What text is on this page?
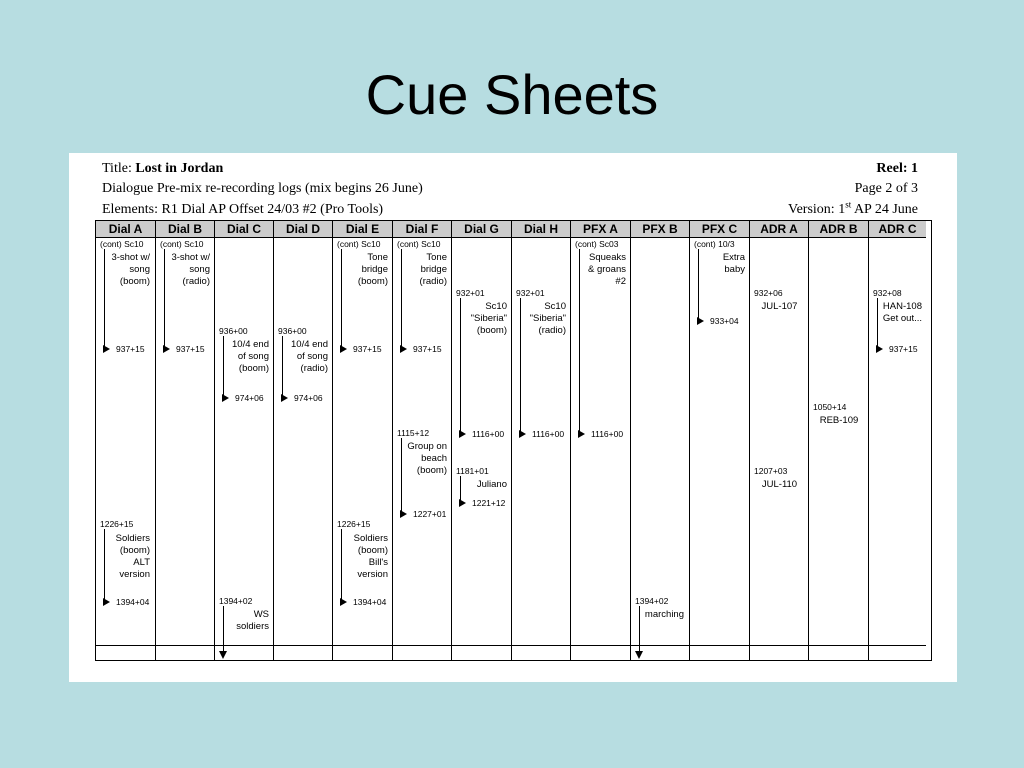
Cue Sheets
Title: Lost in Jordan
Dialogue Pre-mix re-recording logs (mix begins 26 June)
Elements: R1 Dial AP Offset 24/03 #2 (Pro Tools)
Reel: 1
Page 2 of 3
Version: 1st AP 24 June
Dial A
(cont) Sc10
3-shot w/
song
(boom)
937+15
1226+15
Soldiers
(boom)
ALT
version
1394+04
Dial B
(cont) Sc10
3-shot w/
song
(radio)
937+15
Dial C
936+00
10/4 end
of song
(boom)
974+06
1394+02
WS
soldiers
Dial D
936+00
10/4 end
of song
(radio)
974+06
Dial E
(cont) Sc10
Tone
bridge
(boom)
937+15
1226+15
Soldiers
(boom)
Bill's
version
1394+04
Dial F
(cont) Sc10
Tone
bridge
(radio)
937+15
1115+12
Group on
beach
(boom)
1227+01
Dial G
932+01
Sc10
"Siberia"
(boom)
1116+00
1181+01
Juliano
1221+12
Dial H
932+01
Sc10
"Siberia"
(radio)
1116+00
PFX A
(cont) Sc03
Squeaks
& groans
#2
1116+00
PFX B
1394+02
marching
PFX C
(cont) 10/3
Extra
baby
933+04
ADR A
932+06
JUL-107
1207+03
JUL-110
ADR B
1050+14
REB-109
ADR C
932+08
HAN-108
Get out...
937+15
